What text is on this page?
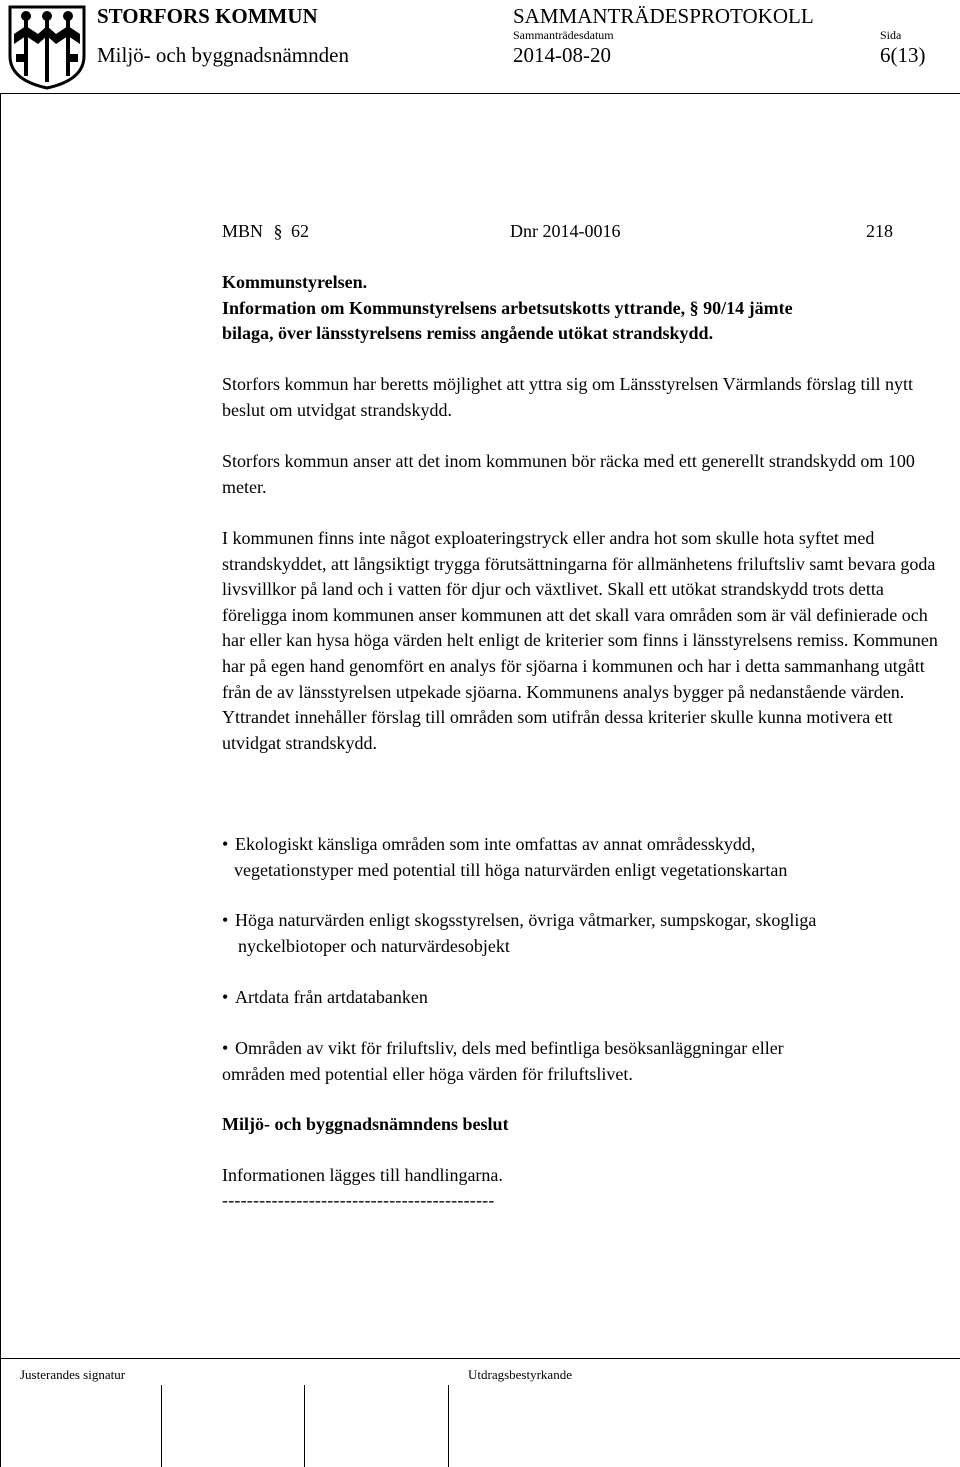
STORFORS KOMMUN
Miljö- och byggnadsnämnden
SAMMANTRÄDESPROTOKOLL
Sammanträdesdatum
2014-08-20
Sida
6(13)
MBN § 62	Dnr 2014-0016	218
Kommunstyrelsen.
Information om Kommunstyrelsens arbetsutskotts yttrande, § 90/14 jämte
bilaga, över länsstyrelsens remiss angående utökat strandskydd.
Storfors kommun har beretts möjlighet att yttra sig om Länsstyrelsen Värmlands förslag till nytt beslut om utvidgat strandskydd.
Storfors kommun anser att det inom kommunen bör räcka med ett generellt strandskydd om 100 meter.
I kommunen finns inte något exploateringstryck eller andra hot som skulle hota syftet med strandskyddet, att långsiktigt trygga förutsättningarna för allmänhetens friluftsliv samt bevara goda livsvillkor på land och i vatten för djur och växtlivet. Skall ett utökat strandskydd trots detta föreligga inom kommunen anser kommunen att det skall vara områden som är väl definierade och har eller kan hysa höga värden helt enligt de kriterier som finns i länsstyrelsens remiss. Kommunen har på egen hand genomfört en analys för sjöarna i kommunen och har i detta sammanhang utgått från de av länsstyrelsen utpekade sjöarna. Kommunens analys bygger på nedanstående värden. Yttrandet innehåller förslag till områden som utifrån dessa kriterier skulle kunna motivera ett utvidgat strandskydd.
• Ekologiskt känsliga områden som inte omfattas av annat områdesskydd,
vegetationstyper med potential till höga naturvärden enligt vegetationskartan
• Höga naturvärden enligt skogsstyrelsen, övriga våtmarker, sumpskogar, skogliga
nyckelbiotoper och naturvärdesobjekt
• Artdata från artdatabanken
• Områden av vikt för friluftsliv, dels med befintliga besöksanläggningar eller
områden med potential eller höga värden för friluftslivet.
Miljö- och byggnadsnämndens beslut
Informationen lägges till handlingarna.
--------------------------------------------
Justerandes signatur	Utdragsbestyrkande
